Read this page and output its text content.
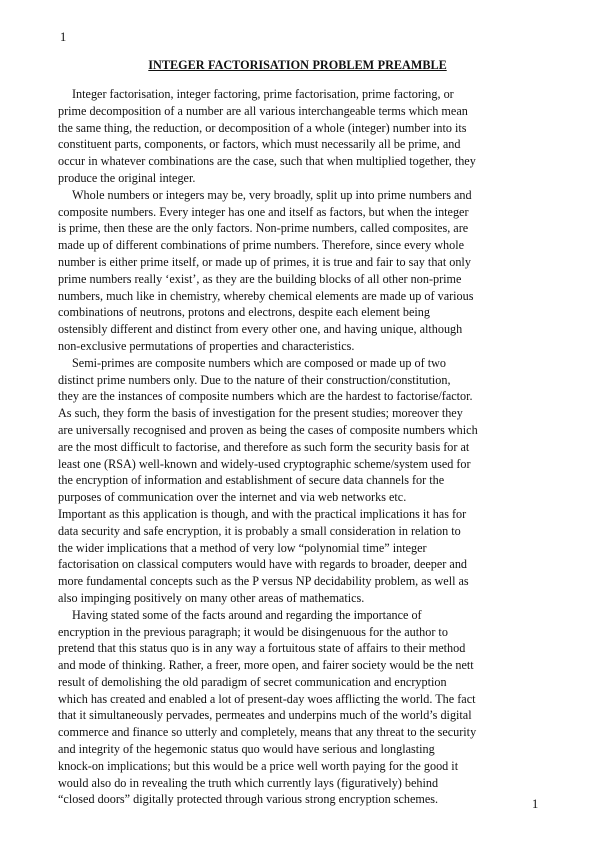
1
INTEGER FACTORISATION PROBLEM PREAMBLE
Integer factorisation, integer factoring, prime factorisation, prime factoring, or
prime decomposition of a number are all various interchangeable terms which mean
the same thing, the reduction, or decomposition of a whole (integer) number into its
constituent parts, components, or factors, which must necessarily all be prime, and
occur in whatever combinations are the case, such that when multiplied together, they
produce the original integer.
Whole numbers or integers may be, very broadly, split up into prime numbers and
composite numbers. Every integer has one and itself as factors, but when the integer
is prime, then these are the only factors. Non-prime numbers, called composites, are
made up of different combinations of prime numbers. Therefore, since every whole
number is either prime itself, or made up of primes, it is true and fair to say that only
prime numbers really ‘exist’, as they are the building blocks of all other non-prime
numbers, much like in chemistry, whereby chemical elements are made up of various
combinations of neutrons, protons and electrons, despite each element being
ostensibly different and distinct from every other one, and having unique, although
non-exclusive permutations of properties and characteristics.
Semi-primes are composite numbers which are composed or made up of two
distinct prime numbers only. Due to the nature of their construction/constitution,
they are the instances of composite numbers which are the hardest to factorise/factor.
As such, they form the basis of investigation for the present studies; moreover they
are universally recognised and proven as being the cases of composite numbers which
are the most difficult to factorise, and therefore as such form the security basis for at
least one (RSA) well-known and widely-used cryptographic scheme/system used for
the encryption of information and establishment of secure data channels for the
purposes of communication over the internet and via web networks etc.
Important as this application is though, and with the practical implications it has for
data security and safe encryption, it is probably a small consideration in relation to
the wider implications that a method of very low “polynomial time” integer
factorisation on classical computers would have with regards to broader, deeper and
more fundamental concepts such as the P versus NP decidability problem, as well as
also impinging positively on many other areas of mathematics.
Having stated some of the facts around and regarding the importance of
encryption in the previous paragraph; it would be disingenuous for the author to
pretend that this status quo is in any way a fortuitous state of affairs to their method
and mode of thinking. Rather, a freer, more open, and fairer society would be the nett
result of demolishing the old paradigm of secret communication and encryption
which has created and enabled a lot of present-day woes afflicting the world. The fact
that it simultaneously pervades, permeates and underpins much of the world’s digital
commerce and finance so utterly and completely, means that any threat to the security
and integrity of the hegemonic status quo would have serious and longlasting
knock-on implications; but this would be a price well worth paying for the good it
would also do in revealing the truth which currently lays (figuratively) behind
“closed doors” digitally protected through various strong encryption schemes.	1
